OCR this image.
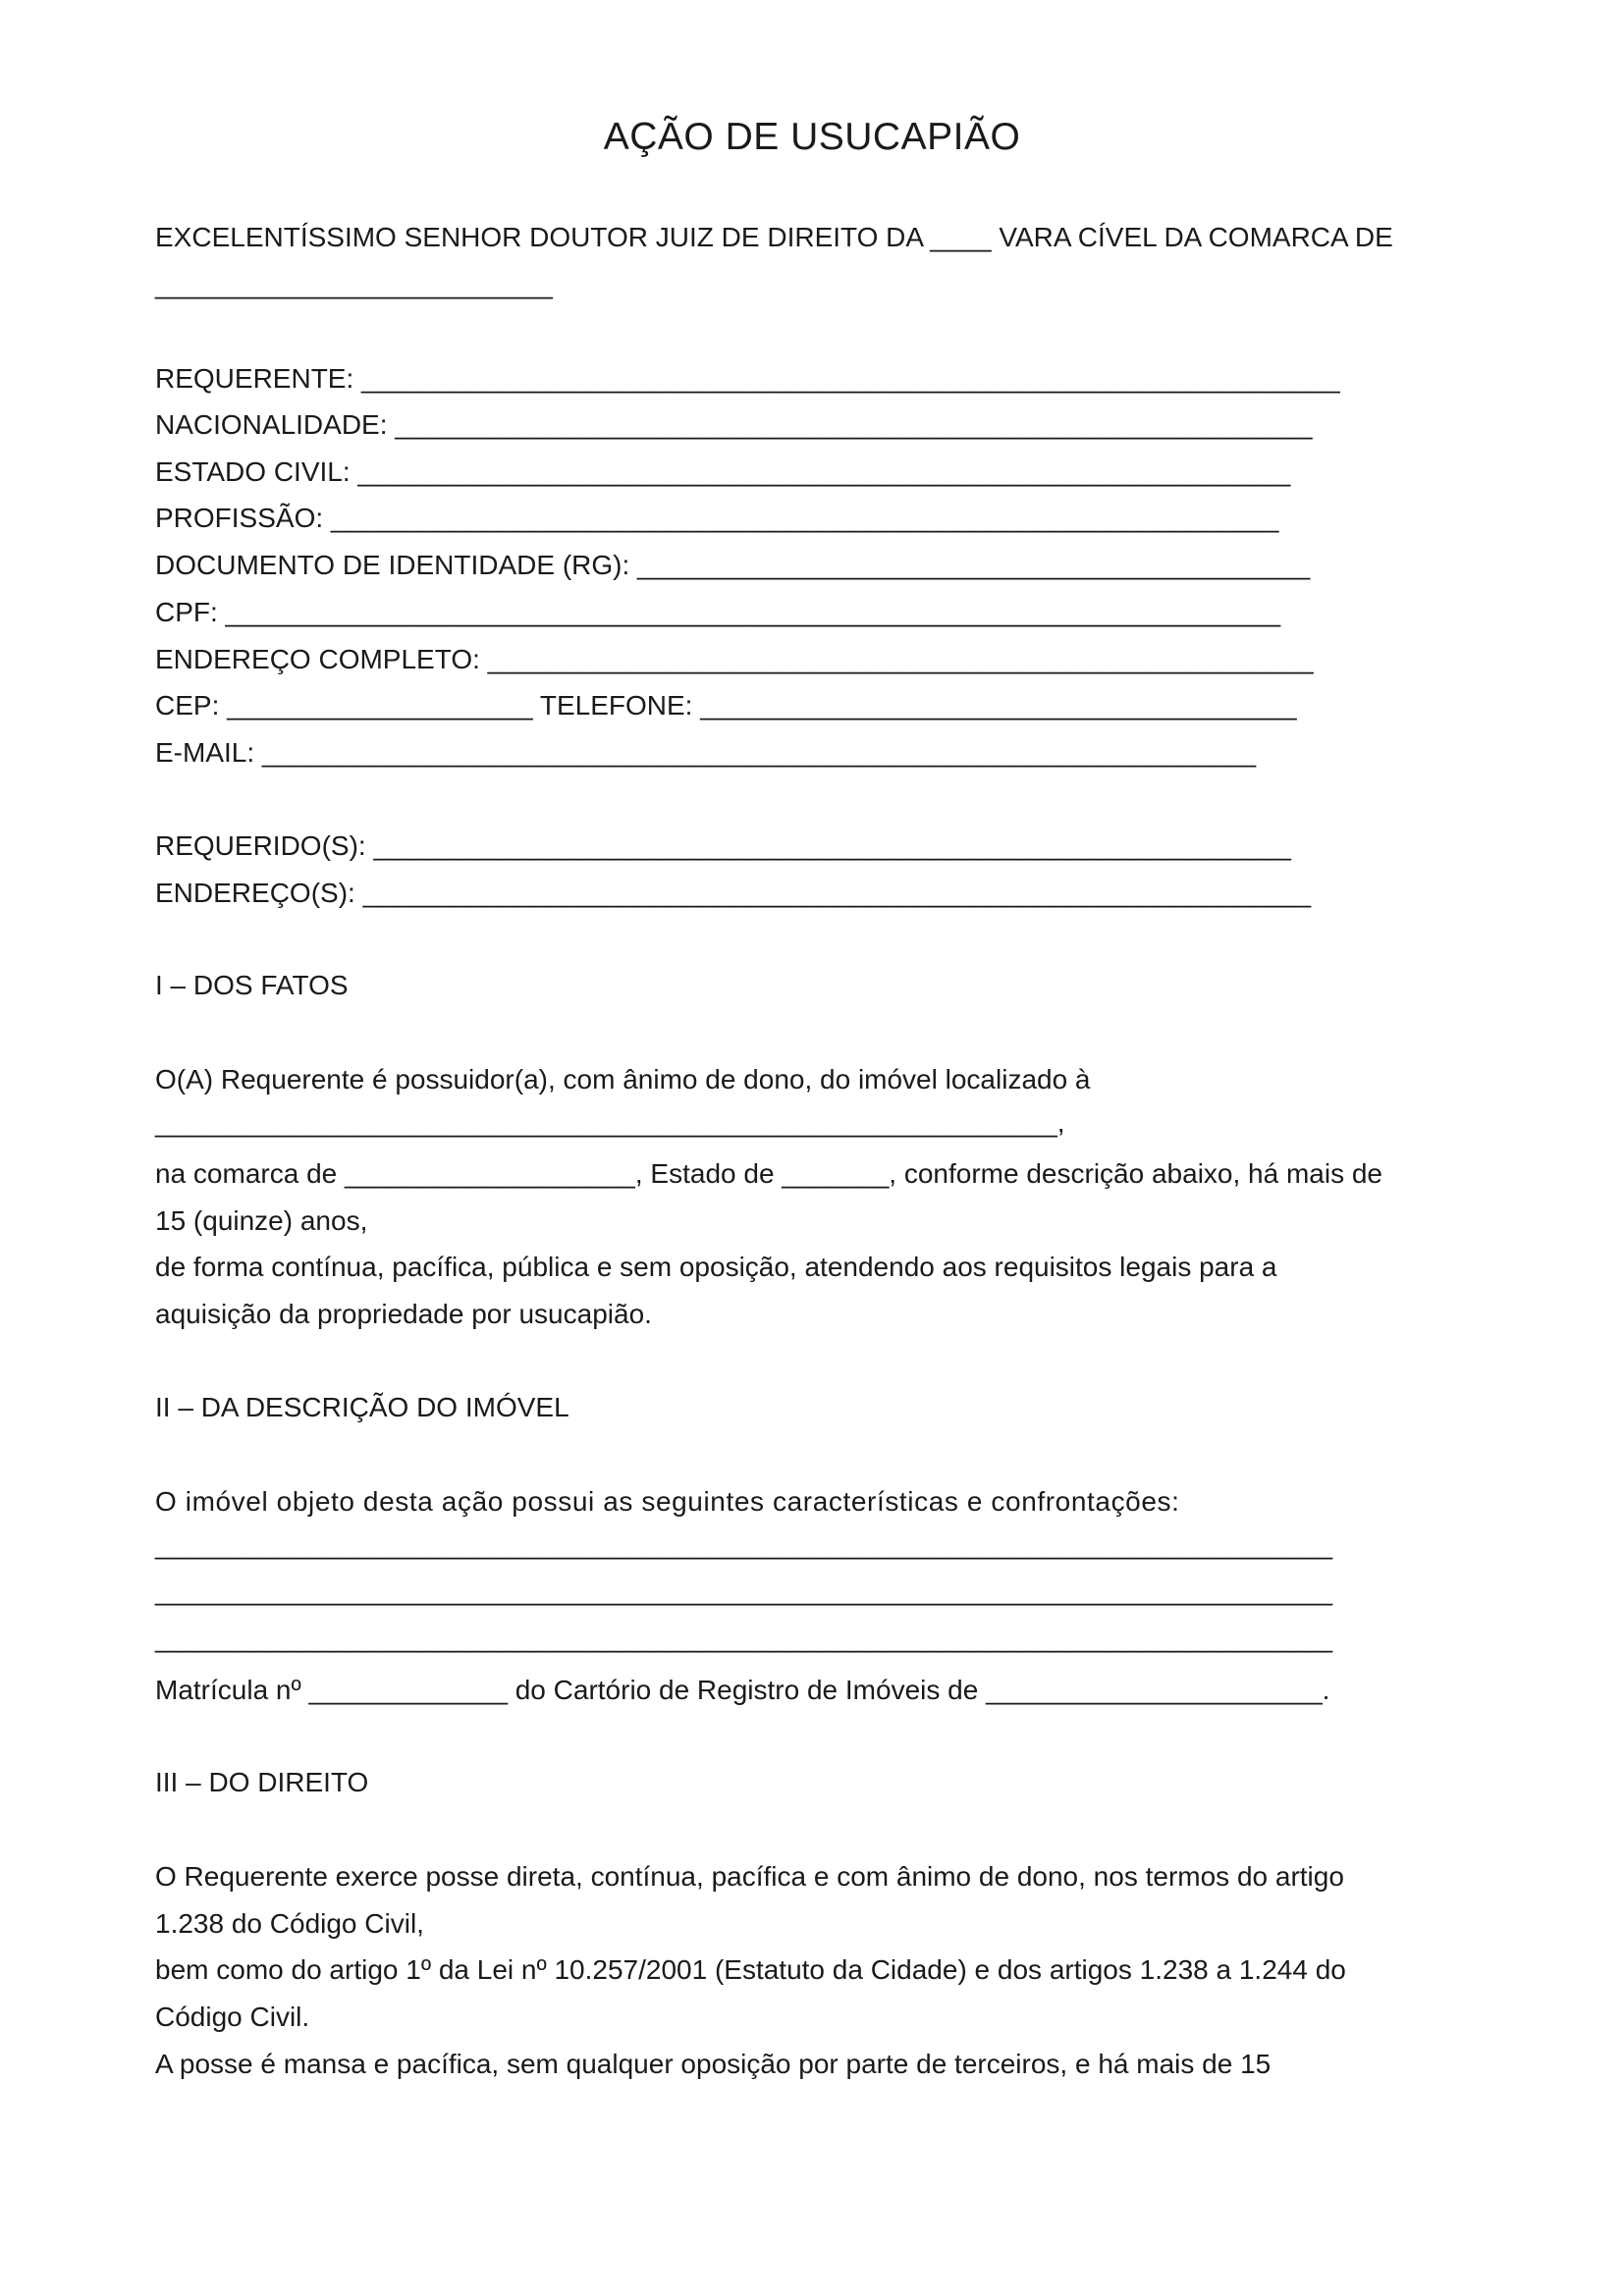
AÇÃO DE USUCAPIÃO

EXCELENTÍSSIMO SENHOR DOUTOR JUIZ DE DIREITO DA ____ VARA CÍVEL DA COMARCA DE

__________________________

REQUERENTE: ________________________________________________________________

NACIONALIDADE: ____________________________________________________________

ESTADO CIVIL: _____________________________________________________________

PROFISSÃO: ______________________________________________________________

DOCUMENTO DE IDENTIDADE (RG): ____________________________________________

CPF: _____________________________________________________________________

ENDEREÇO COMPLETO: ______________________________________________________

CEP: ____________________ TELEFONE: _______________________________________

E-MAIL: _________________________________________________________________

REQUERIDO(S): ____________________________________________________________

ENDEREÇO(S): ______________________________________________________________

I – DOS FATOS

O(A) Requerente é possuidor(a), com ânimo de dono, do imóvel localizado à

___________________________________________________________,

na comarca de ___________________, Estado de _______, conforme descrição abaixo, há mais de

15 (quinze) anos,

de forma contínua, pacífica, pública e sem oposição, atendendo aos requisitos legais para a

aquisição da propriedade por usucapião.

II – DA DESCRIÇÃO DO IMÓVEL

O imóvel objeto desta ação possui as seguintes características e confrontações:

_____________________________________________________________________________

_____________________________________________________________________________

_____________________________________________________________________________

Matrícula nº _____________ do Cartório de Registro de Imóveis de ______________________.

III – DO DIREITO

O Requerente exerce posse direta, contínua, pacífica e com ânimo de dono, nos termos do artigo

1.238 do Código Civil,

bem como do artigo 1º da Lei nº 10.257/2001 (Estatuto da Cidade) e dos artigos 1.238 a 1.244 do

Código Civil.

A posse é mansa e pacífica, sem qualquer oposição por parte de terceiros, e há mais de 15
